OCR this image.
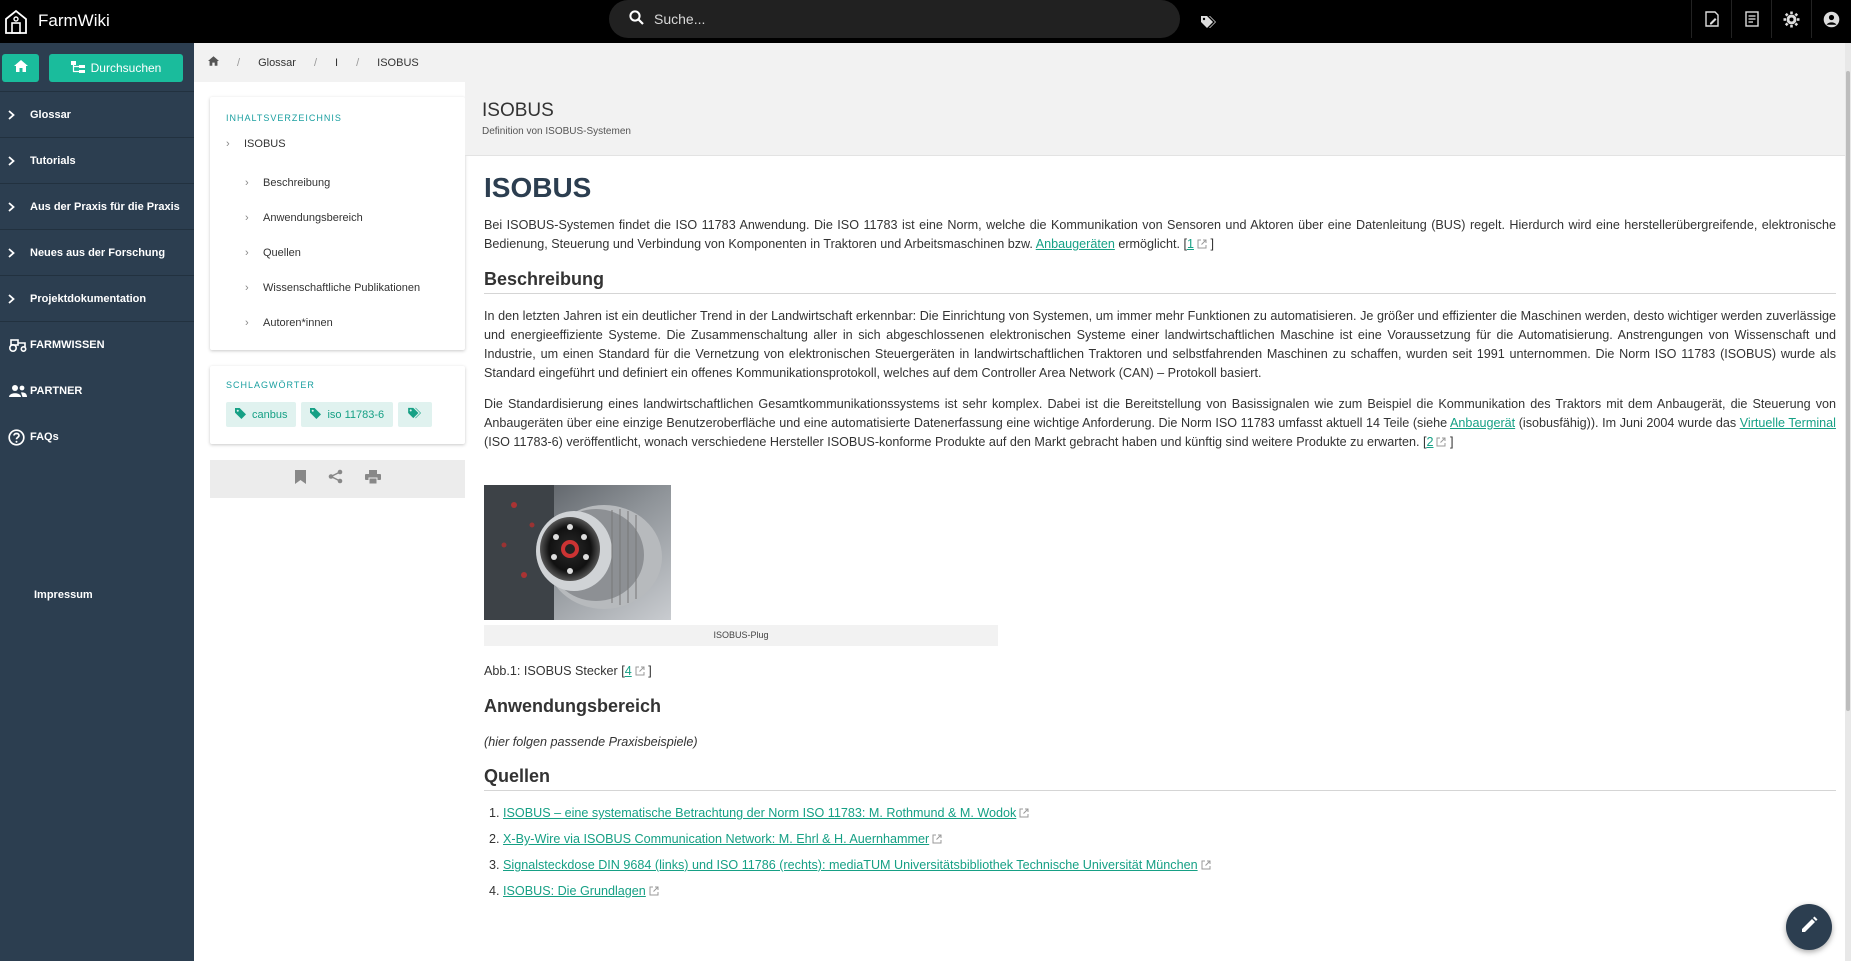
FarmWiki
Suche...
Durchsuchen
Glossar
Tutorials
Aus der Praxis für die Praxis
Neues aus der Forschung
Projektdokumentation
FARMWISSEN
PARTNER
FAQs
Impressum
/ Glossar / I / ISOBUS
INHALTSVERZEICHNIS
›	ISOBUS
›	Beschreibung
›	Anwendungsbereich
›	Quellen
›	Wissenschaftliche Publikationen
›	Autoren*innen
SCHLAGWÖRTER
canbus	iso 11783-6
ISOBUS
Definition von ISOBUS-Systemen
ISOBUS

Bei ISOBUS-Systemen findet die ISO 11783 Anwendung. Die ISO 11783 ist eine Norm, welche die Kommunikation von Sensoren und Aktoren über eine Datenleitung (BUS) regelt. Hierdurch wird eine herstellerübergreifende, elektronische Bedienung, Steuerung und Verbindung von Komponenten in Traktoren und Arbeitsmaschinen bzw. Anbaugeräten ermöglicht. [1 ]

Beschreibung

In den letzten Jahren ist ein deutlicher Trend in der Landwirtschaft erkennbar: Die Einrichtung von Systemen, um immer mehr Funktionen zu automatisieren. Je größer und effizienter die Maschinen werden, desto wichtiger werden zuverlässige und energieeffiziente Systeme. Die Zusammenschaltung aller in sich abgeschlossenen elektronischen Systeme einer landwirtschaftlichen Maschine ist eine Voraussetzung für die Automatisierung. Anstrengungen von Wissenschaft und Industrie, um einen Standard für die Vernetzung von elektronischen Steuergeräten in landwirtschaftlichen Traktoren und selbstfahrenden Maschinen zu schaffen, wurden seit 1991 unternommen. Die Norm ISO 11783 (ISOBUS) wurde als Standard eingeführt und definiert ein offenes Kommunikationsprotokoll, welches auf dem Controller Area Network (CAN) – Protokoll basiert.

Die Standardisierung eines landwirtschaftlichen Gesamtkommunikationssystems ist sehr komplex. Dabei ist die Bereitstellung von Basissignalen wie zum Beispiel die Kommunikation des Traktors mit dem Anbaugerät, die Steuerung von Anbaugeräten über eine einzige Benutzeroberfläche und eine automatisierte Datenerfassung eine wichtige Anforderung. Die Norm ISO 11783 umfasst aktuell 14 Teile (siehe Anbaugerät (isobusfähig)). Im Juni 2004 wurde das Virtuelle Terminal (ISO 11783-6) veröffentlicht, wonach verschiedene Hersteller ISOBUS-konforme Produkte auf den Markt gebracht haben und künftig sind weitere Produkte zu erwarten. [2 ]

ISOBUS-Plug
Abb.1: ISOBUS Stecker [4 ]
Anwendungsbereich

(hier folgen passende Praxisbeispiele)

Quellen
1. ISOBUS – eine systematische Betrachtung der Norm ISO 11783: M. Rothmund & M. Wodok
2. X-By-Wire via ISOBUS Communication Network: M. Ehrl & H. Auernhammer
3. Signalsteckdose DIN 9684 (links) und ISO 11786 (rechts): mediaTUM Universitätsbibliothek Technische Universität München
4. ISOBUS: Die Grundlagen
